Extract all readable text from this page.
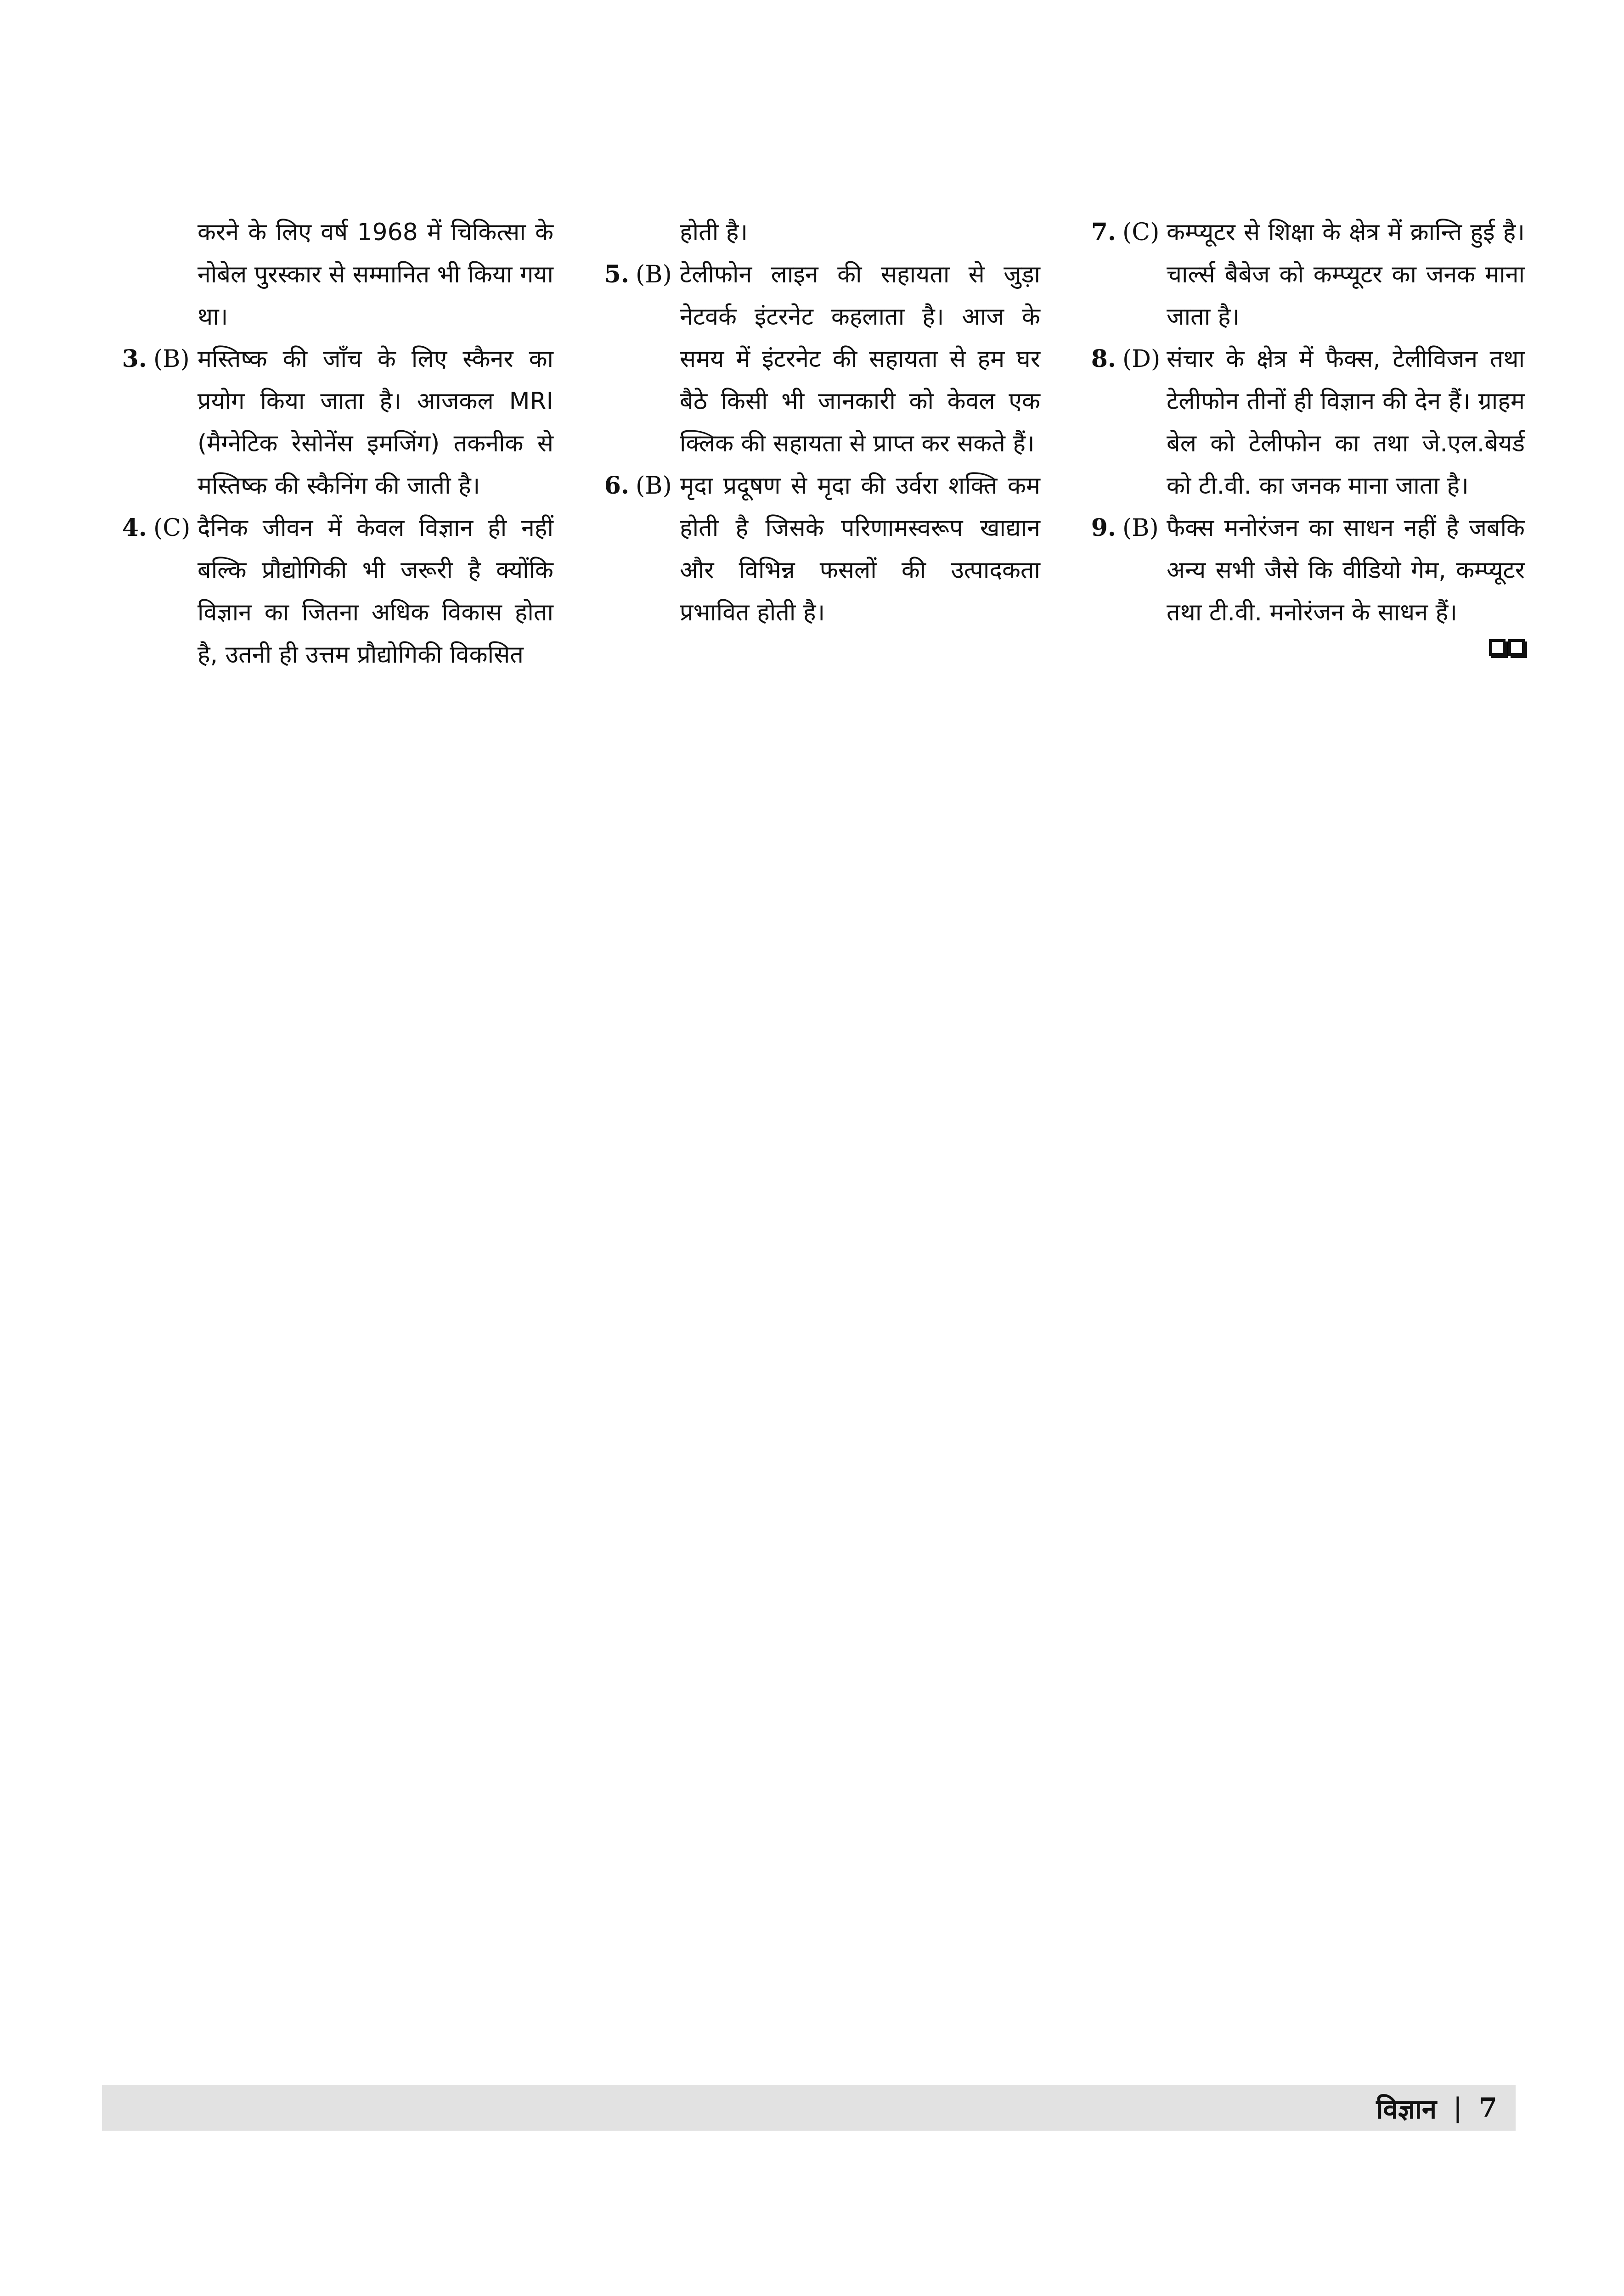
करने के लिए वर्ष 1968 में चिकित्सा के नोबेल पुरस्कार से सम्मानित भी किया गया था।
3. (B) मस्तिष्क की जाँच के लिए स्कैनर का प्रयोग किया जाता है। आजकल MRI (मैग्नेटिक रेसोनेंस इमजिंग) तकनीक से मस्तिष्क की स्कैनिंग की जाती है।
4. (C) दैनिक जीवन में केवल विज्ञान ही नहीं बल्कि प्रौद्योगिकी भी जरूरी है क्योंकि विज्ञान का जितना अधिक विकास होता है, उतनी ही उत्तम प्रौद्योगिकी विकसित
होती है।
5. (B) टेलीफोन लाइन की सहायता से जुड़ा नेटवर्क इंटरनेट कहलाता है। आज के समय में इंटरनेट की सहायता से हम घर बैठे किसी भी जानकारी को केवल एक क्लिक की सहायता से प्राप्त कर सकते हैं।
6. (B) मृदा प्रदूषण से मृदा की उर्वरा शक्ति कम होती है जिसके परिणामस्वरूप खाद्यान और विभिन्न फसलों की उत्पादकता प्रभावित होती है।
7. (C) कम्प्यूटर से शिक्षा के क्षेत्र में क्रान्ति हुई है। चार्ल्स बैबेज को कम्प्यूटर का जनक माना जाता है।
8. (D) संचार के क्षेत्र में फैक्स, टेलीविजन तथा टेलीफोन तीनों ही विज्ञान की देन हैं। ग्राहम बेल को टेलीफोन का तथा जे.एल.बेयर्ड को टी.वी. का जनक माना जाता है।
9. (B) फैक्स मनोरंजन का साधन नहीं है जबकि अन्य सभी जैसे कि वीडियो गेम, कम्प्यूटर तथा टी.वी. मनोरंजन के साधन हैं।
विज्ञान | 7
